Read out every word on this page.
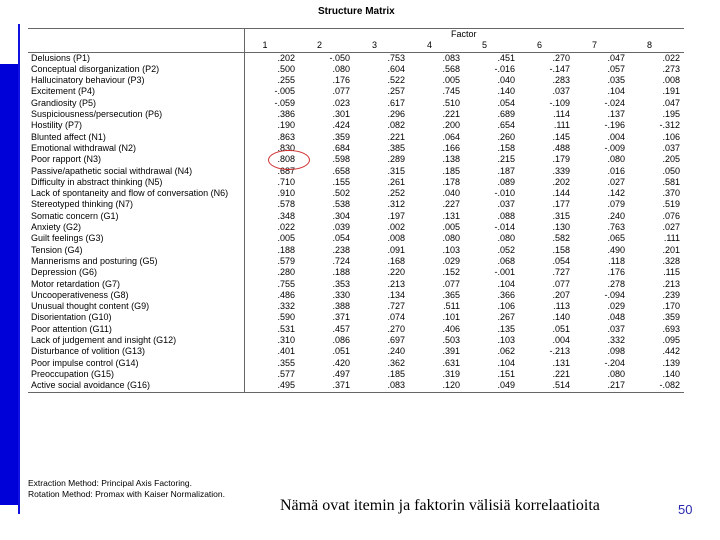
Structure Matrix
	Factor							
	1	2	3	4	5	6	7	8
Delusions (P1)	.202	-.050	.753	.083	.451	.270	.047	.022
Conceptual disorganization (P2)	.500	.080	.604	.568	-.016	-.147	.057	.273
Hallucinatory behaviour (P3)	.255	.176	.522	.005	.040	.283	.035	.008
Excitement (P4)	-.005	.077	.257	.745	.140	.037	.104	.191
Grandiosity (P5)	-.059	.023	.617	.510	.054	-.109	-.024	.047
Suspiciousness/persecution (P6)	.386	.301	.296	.221	.689	.114	.137	.195
Hostility (P7)	.190	.424	.082	.200	.654	.111	-.196	-.312
Blunted affect (N1)	.863	.359	.221	.064	.260	.145	.004	.106
Emotional withdrawal (N2)	.830	.684	.385	.166	.158	.488	-.009	.037
Poor rapport (N3)	.808	.598	.289	.138	.215	.179	.080	.205
Passive/apathetic social withdrawal (N4)	.687	.658	.315	.185	.187	.339	.016	.050
Difficulty in abstract thinking (N5)	.710	.155	.261	.178	.089	.202	.027	.581
Lack of spontaneity and flow of conversation (N6)	.910	.502	.252	.040	-.010	.144	.142	.370
Stereotyped thinking (N7)	.578	.538	.312	.227	.037	.177	.079	.519
Somatic concern (G1)	.348	.304	.197	.131	.088	.315	.240	.076
Anxiety (G2)	.022	.039	.002	.005	-.014	.130	.763	.027
Guilt feelings (G3)	.005	.054	.008	.080	.080	.582	.065	.111
Tension (G4)	.188	.238	.091	.103	.052	.158	.490	.201
Mannerisms and posturing (G5)	.579	.724	.168	.029	.068	.054	.118	.328
Depression (G6)	.280	.188	.220	.152	-.001	.727	.176	.115
Motor retardation (G7)	.755	.353	.213	.077	.104	.077	.278	.213
Uncooperativeness (G8)	.486	.330	.134	.365	.366	.207	-.094	.239
Unusual thought content (G9)	.332	.388	.727	.511	.106	.113	.029	.170
Disorientation (G10)	.590	.371	.074	.101	.267	.140	.048	.359
Poor attention (G11)	.531	.457	.270	.406	.135	.051	.037	.693
Lack of judgement and insight (G12)	.310	.086	.697	.503	.103	.004	.332	.095
Disturbance of volition (G13)	.401	.051	.240	.391	.062	-.213	.098	.442
Poor impulse control (G14)	.355	.420	.362	.631	.104	.131	-.204	.139
Preoccupation (G15)	.577	.497	.185	.319	.151	.221	.080	.140
Active social avoidance (G16)	.495	.371	.083	.120	.049	.514	.217	-.082
Extraction Method: Principal Axis Factoring.
Rotation Method: Promax with Kaiser Normalization.
Nämä ovat itemin ja faktorin välisiä korrelaatioita	50
